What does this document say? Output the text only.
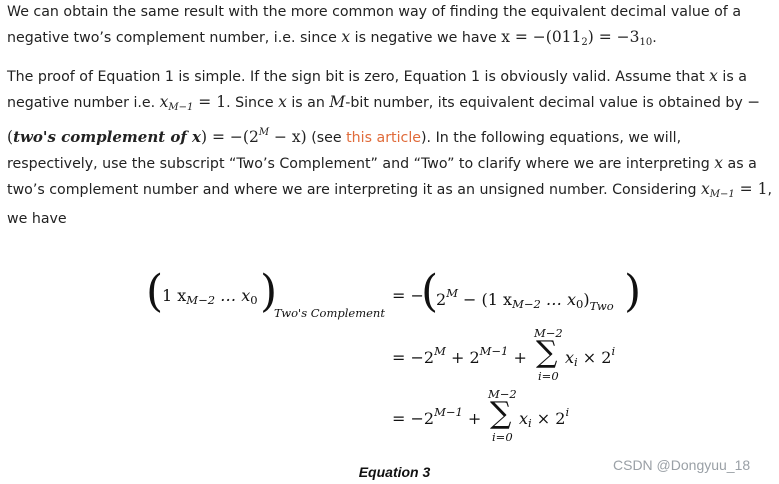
We can obtain the same result with the more common way of finding the equivalent decimal value of a negative two’s complement number, i.e. since x is negative we have $x = -(011_2) = -3_{10}$.

The proof of Equation 1 is simple. If the sign bit is zero, Equation 1 is obviously valid. Assume that x is a negative number i.e. $x_{M-1} = 1$. Since x is an M-bit number, its equivalent decimal value is obtained by −(two's complement of $x) = -(2^M - x)$ (see this article). In the following equations, we will, respectively, use the subscript “Two’s Complement” and “Two” to clarify where we are interpreting x as a two’s complement number and where we are interpreting it as an unsigned number. Considering $x_{M-1} = 1$, we have

(
1 xM−2 … x0 )
Two's Complement
= −
(
$2^M - (1$ xM−2 … $x0)_{Two}$ )
= $-2^M + 2^{M-1}$ +
M−2
∑
i=0
xi × $2^i$
= $-2^{M-1}$ +
M−2
∑
i=0
xi × $2^i$
Equation 3	CSDN @Dongyuu_18
